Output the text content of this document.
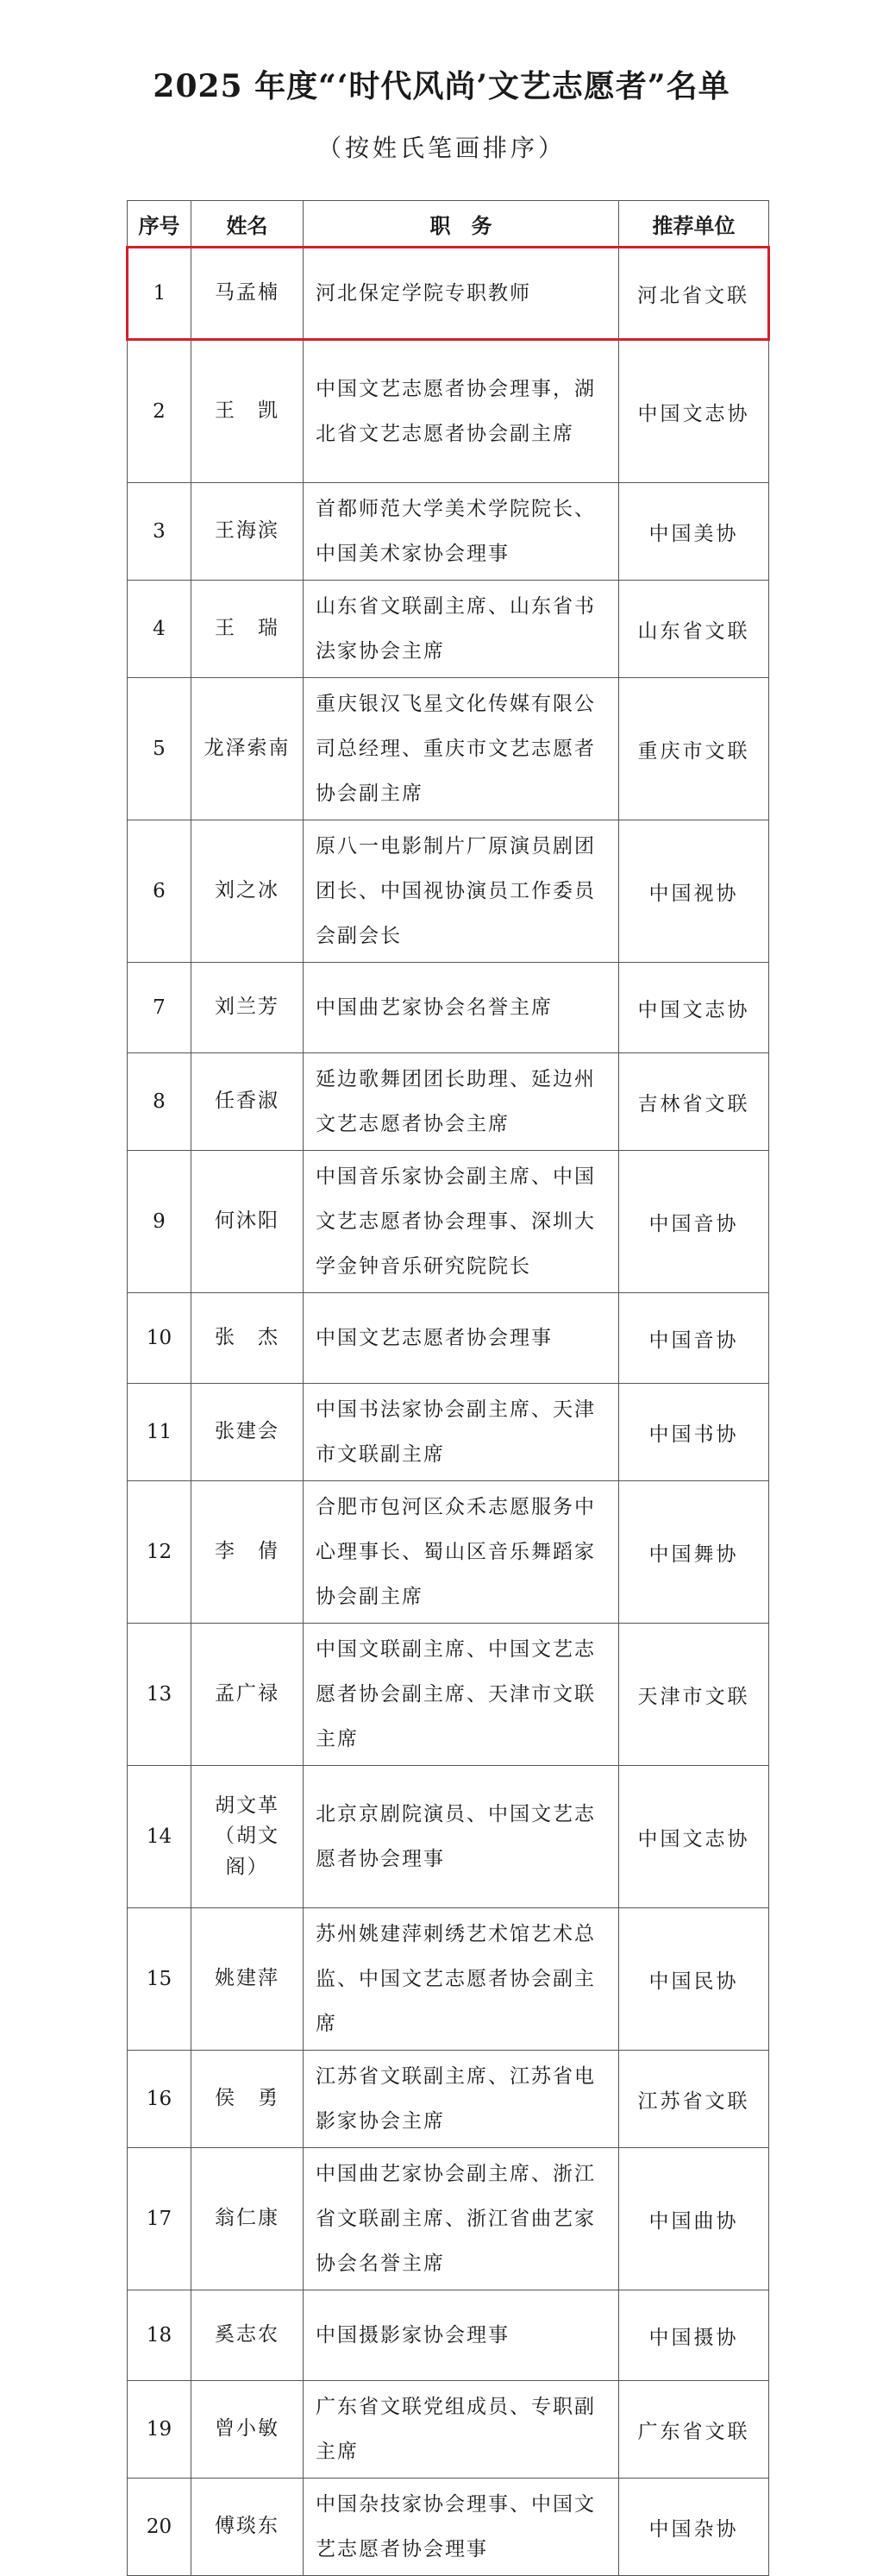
2025 年度“‘时代风尚’文艺志愿者”名单
（按姓氏笔画排序）
序号	姓名	职　务	推荐单位
1	马孟楠	河北保定学院专职教师	河北省文联
2	王　凯	中国文艺志愿者协会理事，湖北省文艺志愿者协会副主席	中国文志协
3	王海滨	首都师范大学美术学院院长、中国美术家协会理事	中国美协
4	王　瑞	山东省文联副主席、山东省书法家协会主席	山东省文联
5	龙泽索南	重庆银汉飞星文化传媒有限公司总经理、重庆市文艺志愿者协会副主席	重庆市文联
6	刘之冰	原八一电影制片厂原演员剧团团长、中国视协演员工作委员会副会长	中国视协
7	刘兰芳	中国曲艺家协会名誉主席	中国文志协
8	任香淑	延边歌舞团团长助理、延边州文艺志愿者协会主席	吉林省文联
9	何沐阳	中国音乐家协会副主席、中国文艺志愿者协会理事、深圳大学金钟音乐研究院院长	中国音协
10	张　杰	中国文艺志愿者协会理事	中国音协
11	张建会	中国书法家协会副主席、天津市文联副主席	中国书协
12	李　倩	合肥市包河区众禾志愿服务中心理事长、蜀山区音乐舞蹈家协会副主席	中国舞协
13	孟广禄	中国文联副主席、中国文艺志愿者协会副主席、天津市文联主席	天津市文联
14	胡文革（胡文阁）	北京京剧院演员、中国文艺志愿者协会理事	中国文志协
15	姚建萍	苏州姚建萍刺绣艺术馆艺术总监、中国文艺志愿者协会副主席	中国民协
16	侯　勇	江苏省文联副主席、江苏省电影家协会主席	江苏省文联
17	翁仁康	中国曲艺家协会副主席、浙江省文联副主席、浙江省曲艺家协会名誉主席	中国曲协
18	奚志农	中国摄影家协会理事	中国摄协
19	曾小敏	广东省文联党组成员、专职副主席	广东省文联
20	傅琰东	中国杂技家协会理事、中国文艺志愿者协会理事	中国杂协
